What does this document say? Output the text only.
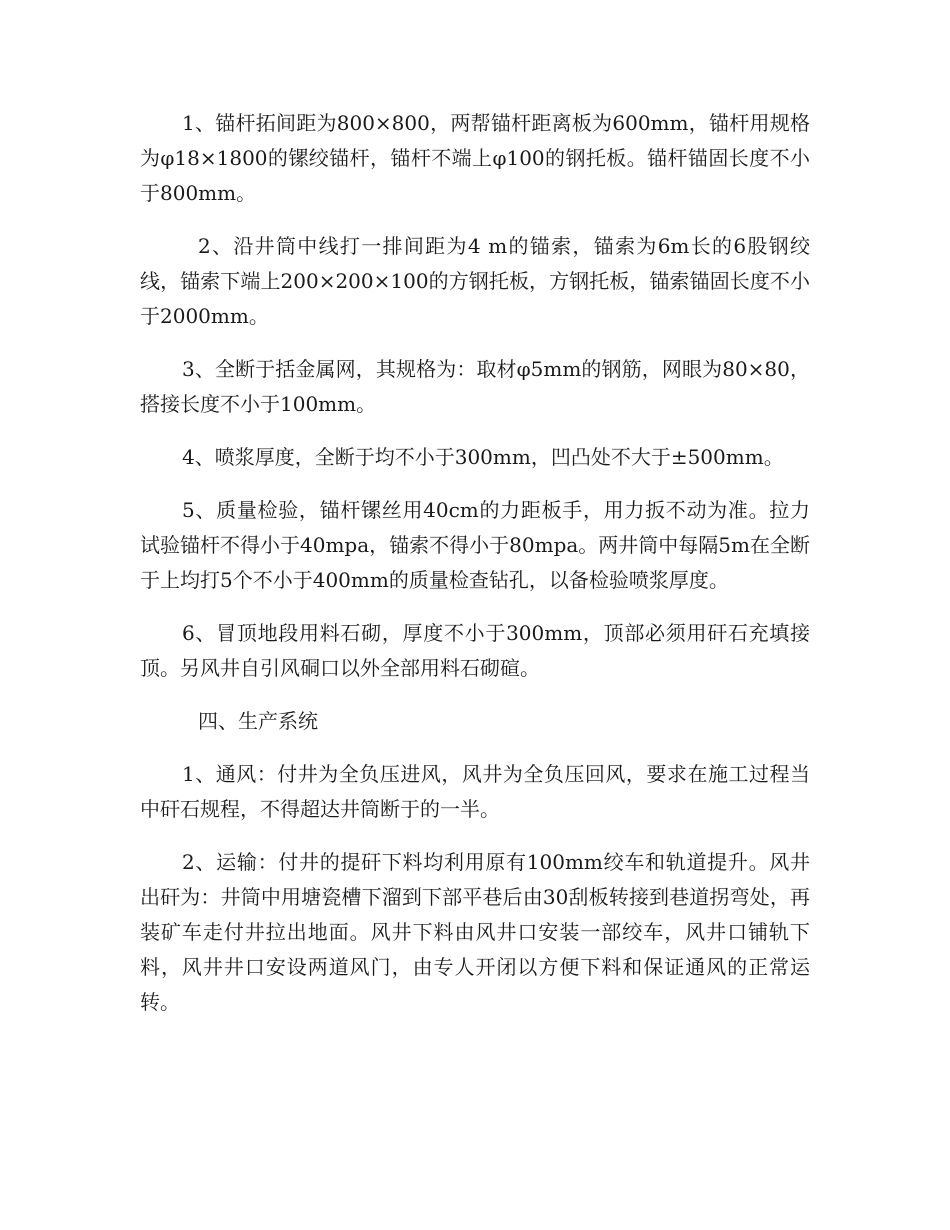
1、锚杆拓间距为800×800，两帮锚杆距离板为600mm，锚杆用规格为φ18×1800的镙绞锚杆，锚杆不端上φ100的钢托板。锚杆锚固长度不小于800mm。

2、沿井筒中线打一排间距为4 m的锚索，锚索为6m长的6股钢绞线，锚索下端上200×200×100的方钢托板，方钢托板，锚索锚固长度不小于2000mm。

3、全断于括金属网，其规格为：取材φ5mm的钢筋，网眼为80×80，搭接长度不小于100mm。

4、喷浆厚度，全断于均不小于300mm，凹凸处不大于±500mm。

5、质量检验，锚杆镙丝用40cm的力距板手，用力扳不动为准。拉力试验锚杆不得小于40mpa，锚索不得小于80mpa。两井筒中每隔5m在全断于上均打5个不小于400mm的质量检查钻孔，以备检验喷浆厚度。

6、冒顶地段用料石砌，厚度不小于300mm，顶部必须用矸石充填接顶。另风井自引风硐口以外全部用料石砌碹。

四、生产系统

1、通风：付井为全负压进风，风井为全负压回风，要求在施工过程当中矸石规程，不得超达井筒断于的一半。

2、运输：付井的提矸下料均利用原有100mm绞车和轨道提升。风井出矸为：井筒中用塘瓷槽下溜到下部平巷后由30刮板转接到巷道拐弯处，再装矿车走付井拉出地面。风井下料由风井口安装一部绞车，风井口铺轨下料，风井井口安设两道风门，由专人开闭以方便下料和保证通风的正常运转。
